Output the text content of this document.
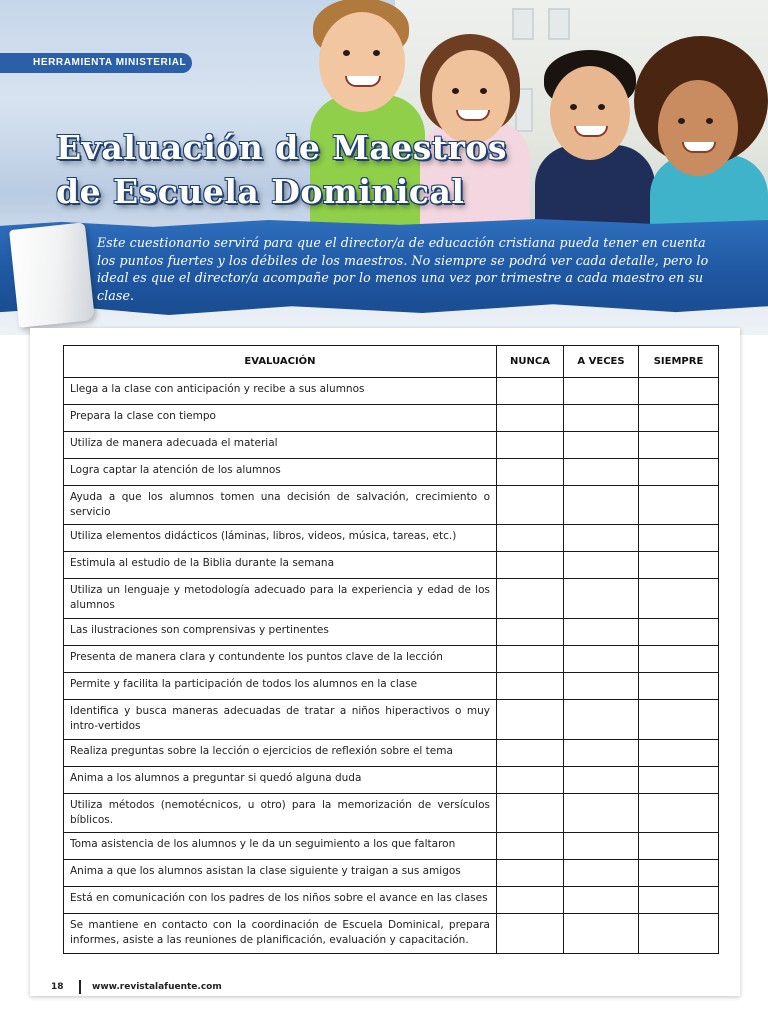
HERRAMIENTA MINISTERIAL
Evaluación de Maestros
de Escuela Dominical

Este cuestionario servirá para que el director/a de educación cristiana pueda tener en cuenta los puntos fuertes y los débiles de los maestros. No siempre se podrá ver cada detalle, pero lo ideal es que el director/a acompañe por lo menos una vez por trimestre a cada maestro en su clase.

EVALUACIÓN	NUNCA	A VECES	SIEMPRE
Llega a la clase con anticipación y recibe a sus alumnos			
Prepara la clase con tiempo			
Utiliza de manera adecuada el material			
Logra captar la atención de los alumnos			
Ayuda a que los alumnos tomen una decisión de salvación, crecimiento o servicio			
Utiliza elementos didácticos (láminas, libros, videos, música, tareas, etc.)			
Estimula al estudio de la Biblia durante la semana			
Utiliza un lenguaje y metodología adecuado para la experiencia y edad de los alumnos			
Las ilustraciones son comprensivas y pertinentes			
Presenta de manera clara y contundente los puntos clave de la lección			
Permite y facilita la participación de todos los alumnos en la clase			
Identifica y busca maneras adecuadas de tratar a niños hiperactivos o muy intro-vertidos			
Realiza preguntas sobre la lección o ejercicios de reflexión sobre el tema			
Anima a los alumnos a preguntar si quedó alguna duda			
Utiliza métodos (nemotécnicos, u otro) para la memorización de versículos bíblicos.			
Toma asistencia de los alumnos y le da un seguimiento a los que faltaron			
Anima a que los alumnos asistan la clase siguiente y traigan a sus amigos			
Está en comunicación con los padres de los niños sobre el avance en las clases			
Se mantiene en contacto con la coordinación de Escuela Dominical, prepara informes, asiste a las reuniones de planificación, evaluación y capacitación.			
18	www.revistalafuente.com
